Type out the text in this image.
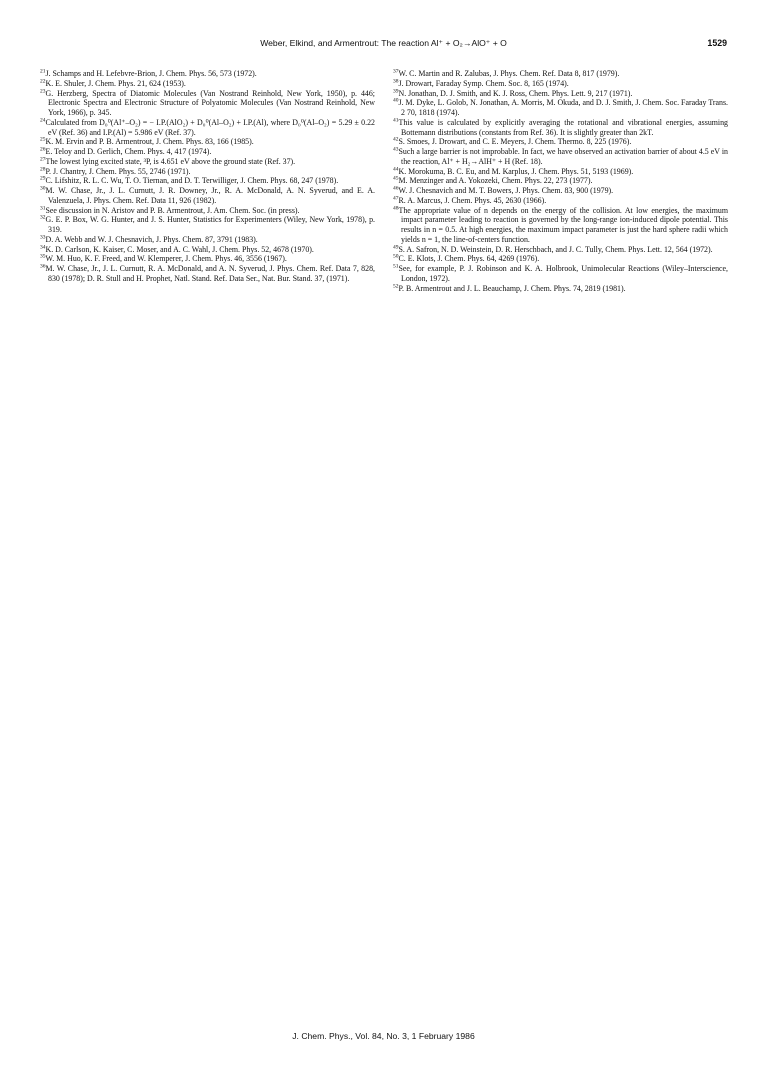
Weber, Elkind, and Armentrout: The reaction Al⁺ + O₂→AlO⁺ + O	1529
$^{21}$J. Schamps and H. Lefebvre-Brion, J. Chem. Phys. 56, 573 (1972).
$^{22}$K. E. Shuler, J. Chem. Phys. 21, 624 (1953).
$^{23}$G. Herzberg, Spectra of Diatomic Molecules (Van Nostrand Reinhold, New York, 1950), p. 446; Electronic Spectra and Electronic Structure of Polyatomic Molecules (Van Nostrand Reinhold, New York, 1966), p. 345.
$^{24}$Calculated from D₀⁰(Al⁺–O₂) = − I.P.(AlO₂) + D₀⁰(Al–O₂) + I.P.(Al), where D₀⁰(Al–O₂) = 5.29 ± 0.22 eV (Ref. 36) and I.P.(Al) = 5.986 eV (Ref. 37).
$^{25}$K. M. Ervin and P. B. Armentrout, J. Chem. Phys. 83, 166 (1985).
$^{26}$E. Teloy and D. Gerlich, Chem. Phys. 4, 417 (1974).
$^{27}$The lowest lying excited state, ³P, is 4.651 eV above the ground state (Ref. 37).
$^{28}$P. J. Chantry, J. Chem. Phys. 55, 2746 (1971).
$^{29}$C. Lifshitz, R. L. C. Wu, T. O. Tiernan, and D. T. Terwilliger, J. Chem. Phys. 68, 247 (1978).
$^{30}$M. W. Chase, Jr., J. L. Curnutt, J. R. Downey, Jr., R. A. McDonald, A. N. Syverud, and E. A. Valenzuela, J. Phys. Chem. Ref. Data 11, 926 (1982).
$^{31}$See discussion in N. Aristov and P. B. Armentrout, J. Am. Chem. Soc. (in press).
$^{32}$G. E. P. Box, W. G. Hunter, and J. S. Hunter, Statistics for Experimenters (Wiley, New York, 1978), p. 319.
$^{33}$D. A. Webb and W. J. Chesnavich, J. Phys. Chem. 87, 3791 (1983).
$^{34}$K. D. Carlson, K. Kaiser, C. Moser, and A. C. Wahl, J. Chem. Phys. 52, 4678 (1970).
$^{35}$W. M. Huo, K. F. Freed, and W. Klemperer, J. Chem. Phys. 46, 3556 (1967).
$^{36}$M. W. Chase, Jr., J. L. Curnutt, R. A. McDonald, and A. N. Syverud, J. Phys. Chem. Ref. Data 7, 828, 830 (1978); D. R. Stull and H. Prophet, Natl. Stand. Ref. Data Ser., Nat. Bur. Stand. 37, (1971).
$^{37}$W. C. Martin and R. Zalubas, J. Phys. Chem. Ref. Data 8, 817 (1979).
$^{38}$J. Drowart, Faraday Symp. Chem. Soc. 8, 165 (1974).
$^{39}$N. Jonathan, D. J. Smith, and K. J. Ross, Chem. Phys. Lett. 9, 217 (1971).
$^{40}$J. M. Dyke, L. Golob, N. Jonathan, A. Morris, M. Okuda, and D. J. Smith, J. Chem. Soc. Faraday Trans. 2 70, 1818 (1974).
$^{41}$This value is calculated by explicitly averaging the rotational and vibrational energies, assuming Bottemann distributions (constants from Ref. 36). It is slightly greater than 2kT.
$^{42}$S. Smoes, J. Drowart, and C. E. Meyers, J. Chem. Thermo. 8, 225 (1976).
$^{43}$Such a large barrier is not improbable. In fact, we have observed an activation barrier of about 4.5 eV in the reaction, Al⁺ + H₂→AlH⁺ + H (Ref. 18).
$^{44}$K. Morokuma, B. C. Eu, and M. Karplus, J. Chem. Phys. 51, 5193 (1969).
$^{45}$M. Menzinger and A. Yokozeki, Chem. Phys. 22, 273 (1977).
$^{46}$W. J. Chesnavich and M. T. Bowers, J. Phys. Chem. 83, 900 (1979).
$^{47}$R. A. Marcus, J. Chem. Phys. 45, 2630 (1966).
$^{48}$The appropriate value of n depends on the energy of the collision. At low energies, the maximum impact parameter leading to reaction is governed by the long-range ion-induced dipole potential. This results in n = 0.5. At high energies, the maximum impact parameter is just the hard sphere radii which yields n = 1, the line-of-centers function.
$^{49}$S. A. Safron, N. D. Weinstein, D. R. Herschbach, and J. C. Tully, Chem. Phys. Lett. 12, 564 (1972).
$^{50}$C. E. Klots, J. Chem. Phys. 64, 4269 (1976).
$^{51}$See, for example, P. J. Robinson and K. A. Holbrook, Unimolecular Reactions (Wiley–Interscience, London, 1972).
$^{52}$P. B. Armentrout and J. L. Beauchamp, J. Chem. Phys. 74, 2819 (1981).
J. Chem. Phys., Vol. 84, No. 3, 1 February 1986
